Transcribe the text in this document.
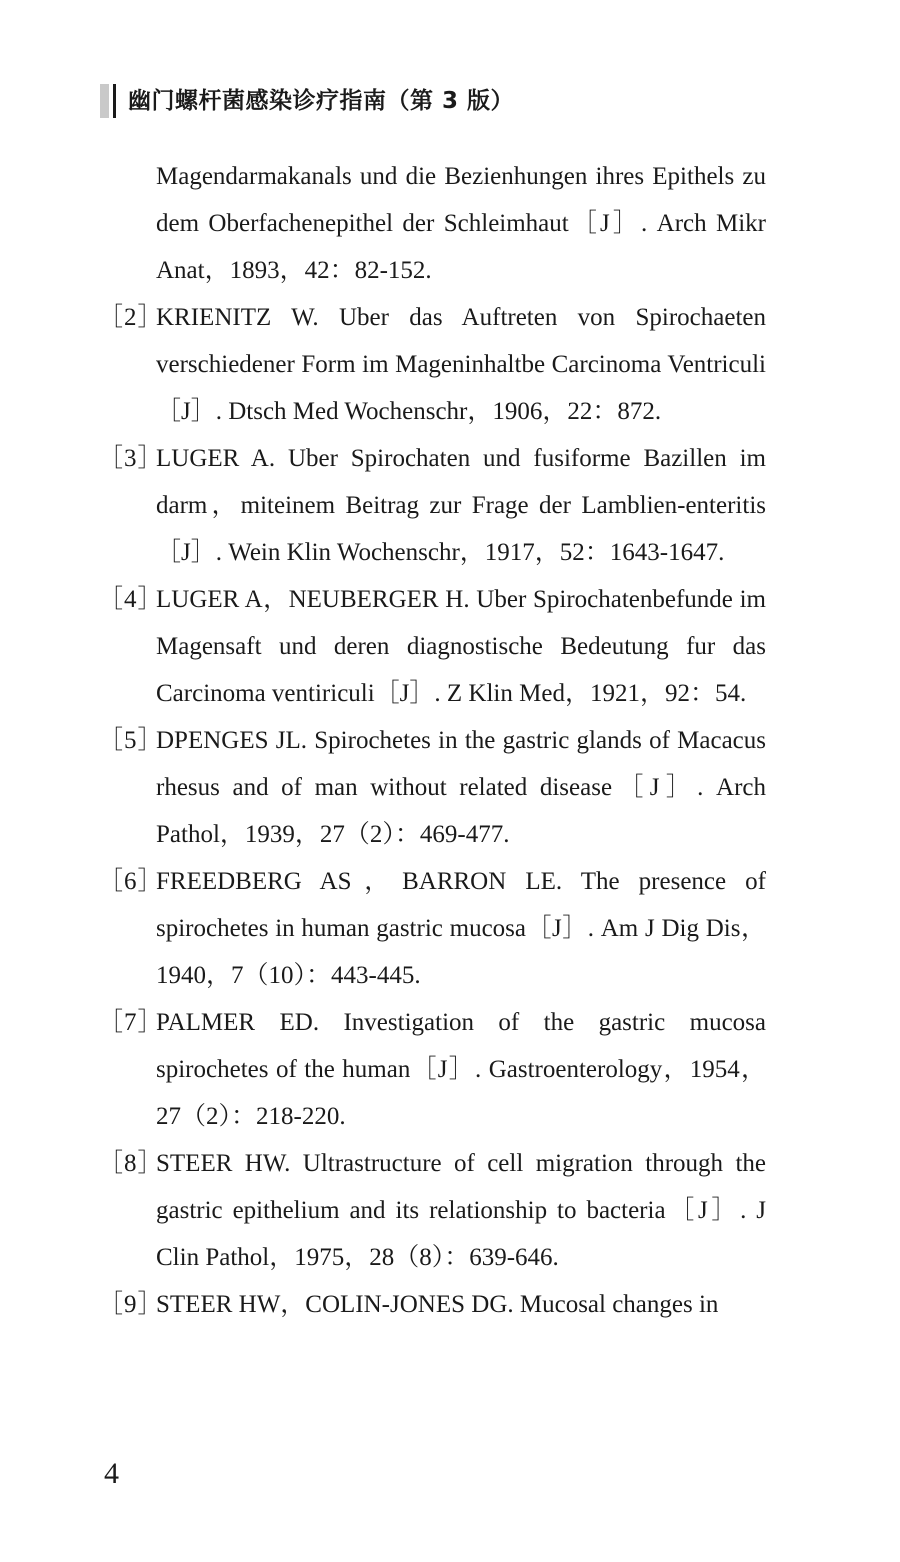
幽门螺杆菌感染诊疗指南（第 3 版）
Magendarmakanals und die Bezienhungen ihres Epithels zu dem Oberfachenepithel der Schleimhaut［J］. Arch Mikr Anat，1893，42：82-152.
［2］
KRIENITZ W. Uber das Auftreten von Spirochaeten verschiedener Form im Mageninhaltbe Carcinoma Ventriculi［J］. Dtsch Med Wochenschr，1906，22：872.
［3］
LUGER A. Uber Spirochaten und fusiforme Bazillen im darm，miteinem Beitrag zur Frage der Lamblien-enteritis［J］. Wein Klin Wochenschr，1917，52：1643-1647.
［4］
LUGER A，NEUBERGER H. Uber Spirochatenbefunde im Magensaft und deren diagnostische Bedeutung fur das Carcinoma ventiriculi［J］. Z Klin Med，1921，92：54.
［5］
DPENGES JL. Spirochetes in the gastric glands of Macacus rhesus and of man without related disease［J］. Arch Pathol，1939，27（2）：469-477.
［6］
FREEDBERG AS，BARRON LE. The presence of spirochetes in human gastric mucosa［J］. Am J Dig Dis，1940，7（10）：443-445.
［7］
PALMER ED. Investigation of the gastric mucosa spirochetes of the human［J］. Gastroenterology，1954，27（2）：218-220.
［8］
STEER HW. Ultrastructure of cell migration through the gastric epithelium and its relationship to bacteria［J］. J Clin Pathol，1975，28（8）：639-646.
［9］
STEER HW，COLIN-JONES DG. Mucosal changes in
4
